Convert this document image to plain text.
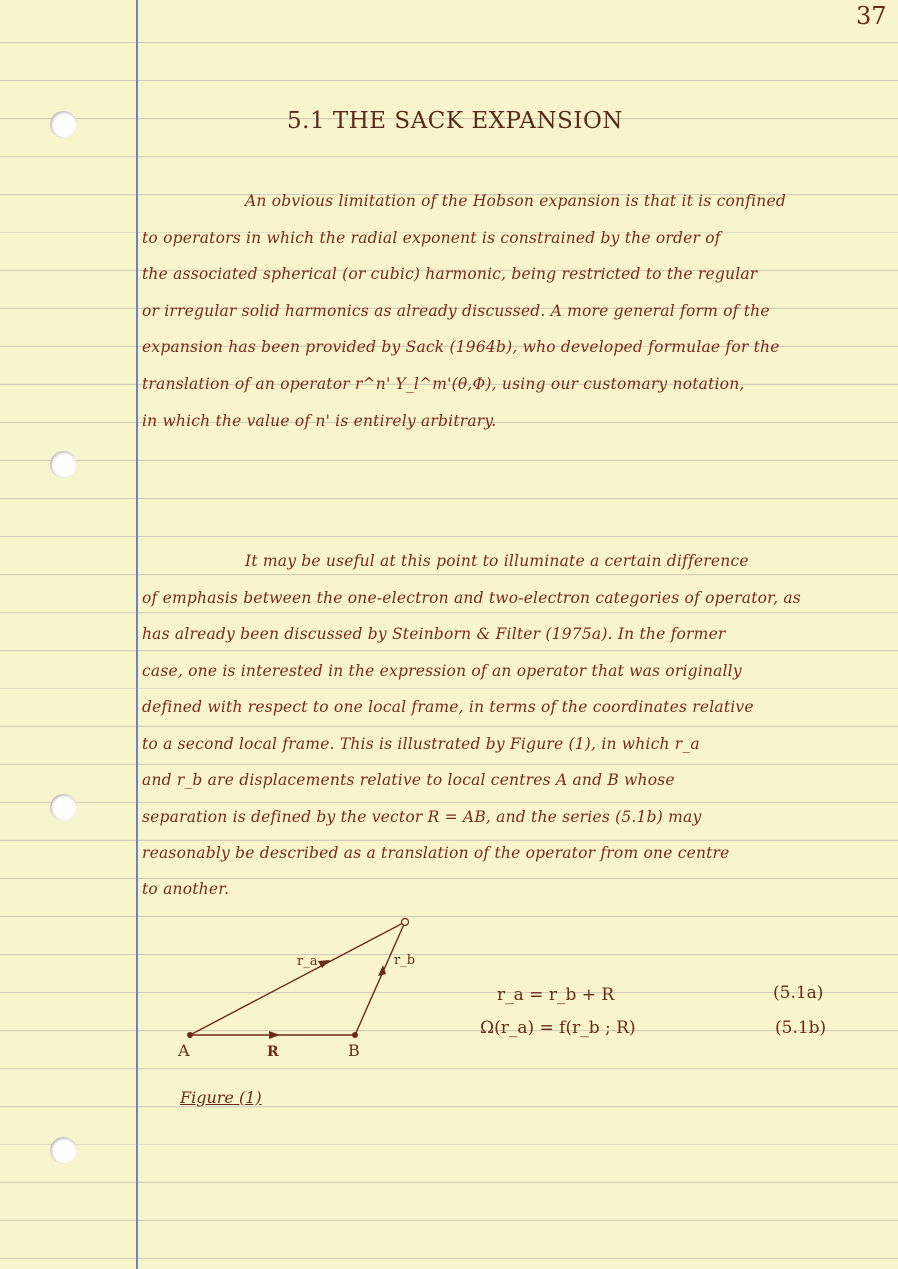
37
5.1 THE SACK EXPANSION
An obvious limitation of the Hobson expansion is that it is confined
to operators in which the radial exponent is constrained by the order of
the associated spherical (or cubic) harmonic, being restricted to the regular
or irregular solid harmonics as already discussed. A more general form of the
expansion has been provided by Sack (1964b), who developed formulae for the
translation of an operator r^n' Y_l^m'(θ,Φ), using our customary notation,
in which the value of n' is entirely arbitrary.
It may be useful at this point to illuminate a certain difference
of emphasis between the one-electron and two-electron categories of operator, as
has already been discussed by Steinborn & Filter (1975a). In the former
case, one is interested in the expression of an operator that was originally
defined with respect to one local frame, in terms of the coordinates relative
to a second local frame. This is illustrated by Figure (1), in which r_a
and r_b are displacements relative to local centres A and B whose
separation is defined by the vector R = AB, and the series (5.1b) may
reasonably be described as a translation of the operator from one centre
to another.
A	B
R
r_a	r_b
r_a = r_b + R	(5.1a)
Ω(r_a) = f(r_b ; R)	(5.1b)
Figure (1)
